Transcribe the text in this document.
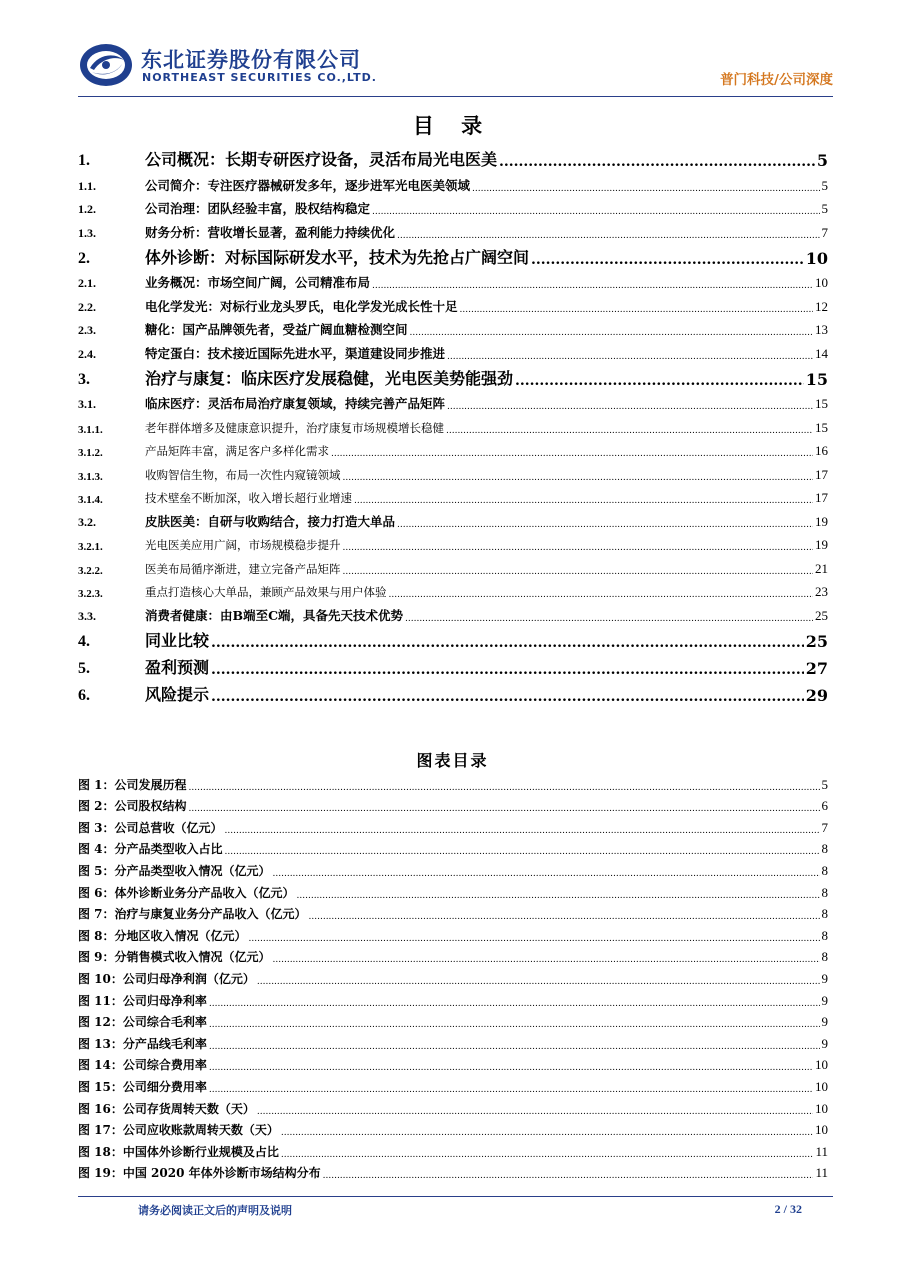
东北证券股份有限公司
NORTHEAST SECURITIES CO.,LTD.	普门科技/公司深度
目 录
1.	公司概况：长期专研医疗设备，灵活布局光电医美 .....	5
1.1.	公司简介：专注医疗器械研发多年，逐步进军光电医美领域 .....	5
1.2.	公司治理：团队经验丰富，股权结构稳定 .....	5
1.3.	财务分析：营收增长显著，盈利能力持续优化 .....	7
2.	体外诊断：对标国际研发水平，技术为先抢占广阔空间 .....	10
2.1.	业务概况：市场空间广阔，公司精准布局 .....	10
2.2.	电化学发光：对标行业龙头罗氏，电化学发光成长性十足 .....	12
2.3.	糖化：国产品牌领先者，受益广阔血糖检测空间 .....	13
2.4.	特定蛋白：技术接近国际先进水平，渠道建设同步推进 .....	14
3.	治疗与康复：临床医疗发展稳健，光电医美势能强劲 .....	15
3.1.	临床医疗：灵活布局治疗康复领域，持续完善产品矩阵 .....	15
3.1.1.	老年群体增多及健康意识提升，治疗康复市场规模增长稳健 .....	15
3.1.2.	产品矩阵丰富，满足客户多样化需求 .....	16
3.1.3.	收购智信生物，布局一次性内窥镜领域 .....	17
3.1.4.	技术壁垒不断加深，收入增长超行业增速 .....	17
3.2.	皮肤医美：自研与收购结合，接力打造大单品 .....	19
3.2.1.	光电医美应用广阔，市场规模稳步提升 .....	19
3.2.2.	医美布局循序渐进，建立完备产品矩阵 .....	21
3.2.3.	重点打造核心大单品，兼顾产品效果与用户体验 .....	23
3.3.	消费者健康：由B端至C端，具备先天技术优势 .....	25
4.	同业比较 .....	25
5.	盈利预测 .....	27
6.	风险提示 .....	29
图表目录
图 1：公司发展历程 .....	5
图 2：公司股权结构 .....	6
图 3：公司总营收（亿元） .....	7
图 4：分产品类型收入占比 .....	8
图 5：分产品类型收入情况（亿元） .....	8
图 6：体外诊断业务分产品收入（亿元） .....	8
图 7：治疗与康复业务分产品收入（亿元） .....	8
图 8：分地区收入情况（亿元） .....	8
图 9：分销售模式收入情况（亿元） .....	8
图 10：公司归母净利润（亿元） .....	9
图 11：公司归母净利率 .....	9
图 12：公司综合毛利率 .....	9
图 13：分产品线毛利率 .....	9
图 14：公司综合费用率 .....	10
图 15：公司细分费用率 .....	10
图 16：公司存货周转天数（天） .....	10
图 17：公司应收账款周转天数（天） .....	10
图 18：中国体外诊断行业规模及占比 .....	11
图 19：中国 2020 年体外诊断市场结构分布 .....	11
请务必阅读正文后的声明及说明	2 / 32
